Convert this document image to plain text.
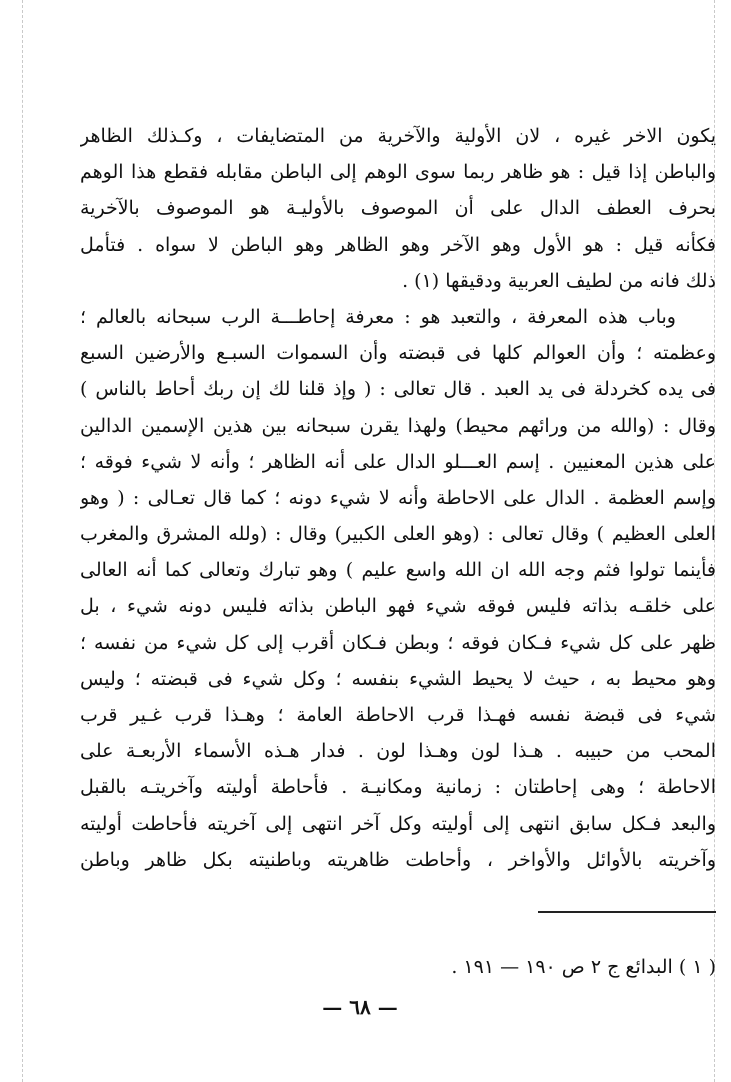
يكون الاخر غيره ، لان الأولية والآخرية من المتضايفات ، وكـذلك الظاهر
والباطن إذا قيل : هو ظاهر ربما سوى الوهم إلى الباطن مقابله فقطع هذا الوهم
بحرف العطف الدال على أن الموصوف بالأوليـة هو الموصوف بالآخرية
فكأنه قيل : هو الأول وهو الآخر وهو الظاهر وهو الباطن لا سواه . فتأمل
ذلك فانه من لطيف العربية ودقيقها (١) .
وباب هذه المعرفة ، والتعبد هو : معرفة إحاطـــة الرب سبحانه بالعالم ؛
وعظمته ؛ وأن العوالم كلها فى قبضته وأن السموات السبـع والأرضين السبع
فى يده كخردلة فى يد العبد . قال تعالى : ( وإذ قلنا لك إن ربك أحاط بالناس )
وقال : (والله من ورائهم محيط) ولهذا يقرن سبحانه بين هذين الإسمين الدالين
على هذين المعنيين . إسم العـــلو الدال على أنه الظاهر ؛ وأنه لا شيء فوقه ؛
وإسم العظمة . الدال على الاحاطة وأنه لا شيء دونه ؛ كما قال تعـالى : ( وهو
العلى العظيم ) وقال تعالى : (وهو العلى الكبير) وقال : (ولله المشرق والمغرب
فأينما تولوا فثم وجه الله ان الله واسع عليم ) وهو تبارك وتعالى كما أنه العالى
على خلقـه بذاته فليس فوقه شيء فهو الباطن بذاته فليس دونه شيء ، بل
ظهر على كل شيء فـكان فوقه ؛ وبطن فـكان أقرب إلى كل شيء من نفسه ؛
وهو محيط به ، حيث لا يحيط الشيء بنفسه ؛ وكل شيء فى قبضته ؛ وليس
شيء فى قبضة نفسه فهـذا قرب الاحاطة العامة ؛ وهـذا قرب غـير قرب
المحب من حبيبه . هـذا لون وهـذا لون . فدار هـذه الأسماء الأربعـة على
الاحاطة ؛ وهى إحاطتان : زمانية ومكانيـة . فأحاطة أوليته وآخريتـه بالقبل
والبعد فـكل سابق انتهى إلى أوليته وكل آخر انتهى إلى آخريته فأحاطت أوليته
وآخريته بالأوائل والأواخر ، وأحاطت ظاهريته وباطنيته بكل ظاهر وباطن
( ١ ) البدائع ج ٢ ص ١٩٠ — ١٩١ .
— ٦٨ —
